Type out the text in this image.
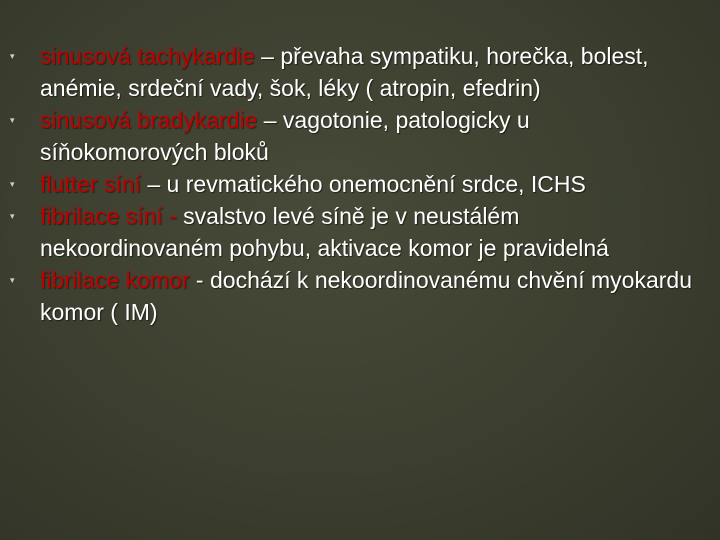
▾ sinusová tachykardie – převaha sympatiku, horečka, bolest, anémie, srdeční vady, šok, léky ( atropin, efedrin)
▾ sinusová bradykardie – vagotonie, patologicky u síňokomorových bloků
▾ flutter síní – u revmatického onemocnění srdce, ICHS
▾ fibrilace síní - svalstvo levé síně je v neustálém nekoordinovaném pohybu, aktivace komor je pravidelná
▾ fibrilace komor - dochází k nekoordinovanému chvění myokardu komor ( IM)
